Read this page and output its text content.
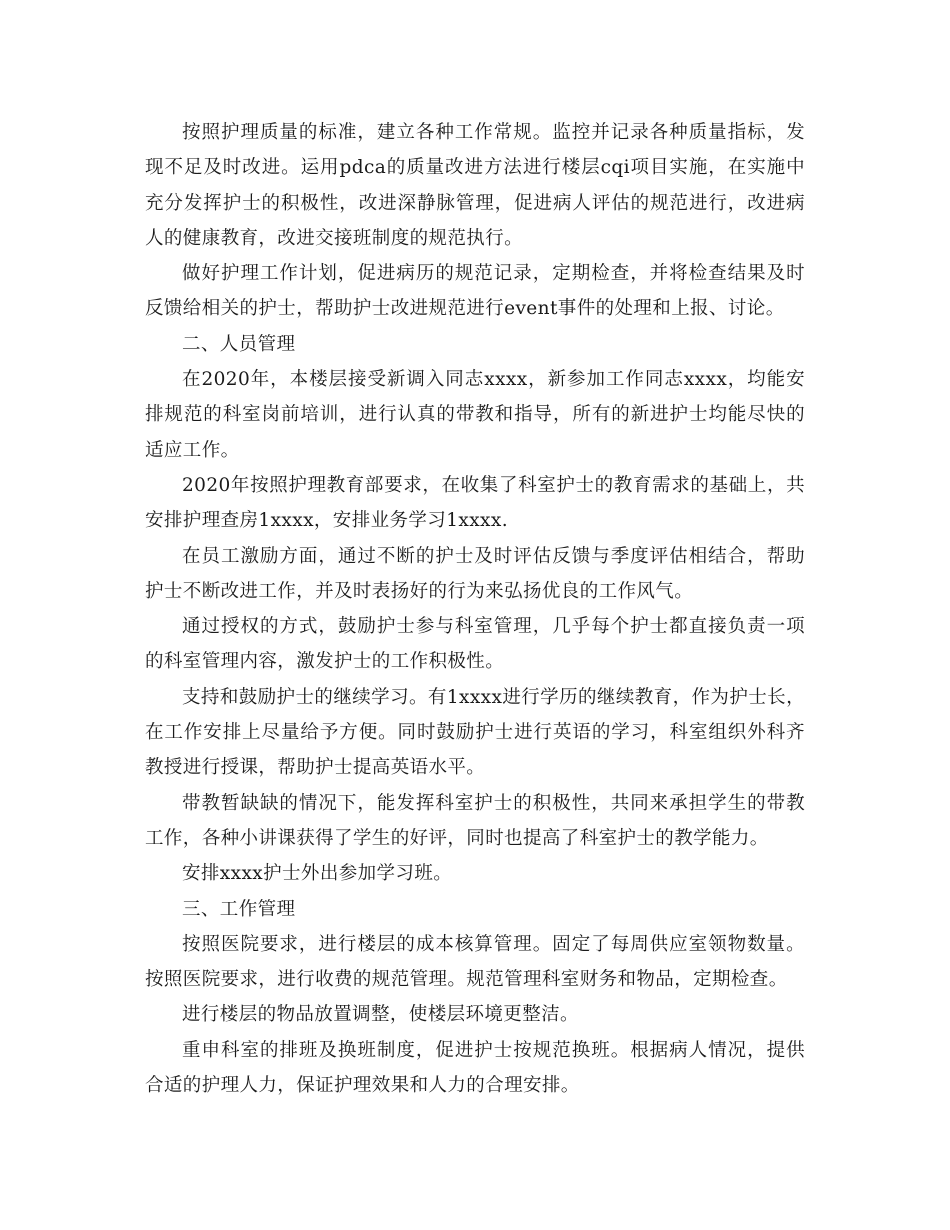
按照护理质量的标准，建立各种工作常规。监控并记录各种质量指标，发现不足及时改进。运用pdca的质量改进方法进行楼层cqi项目实施，在实施中充分发挥护士的积极性，改进深静脉管理，促进病人评估的规范进行，改进病人的健康教育，改进交接班制度的规范执行。

做好护理工作计划，促进病历的规范记录，定期检查，并将检查结果及时反馈给相关的护士，帮助护士改进规范进行event事件的处理和上报、讨论。

二、人员管理

在2020年，本楼层接受新调入同志xxxx，新参加工作同志xxxx，均能安排规范的科室岗前培训，进行认真的带教和指导，所有的新进护士均能尽快的适应工作。

2020年按照护理教育部要求，在收集了科室护士的教育需求的基础上，共安排护理查房1xxxx，安排业务学习1xxxx.

在员工激励方面，通过不断的护士及时评估反馈与季度评估相结合，帮助护士不断改进工作，并及时表扬好的行为来弘扬优良的工作风气。

通过授权的方式，鼓励护士参与科室管理，几乎每个护士都直接负责一项的科室管理内容，激发护士的工作积极性。

支持和鼓励护士的继续学习。有1xxxx进行学历的继续教育，作为护士长，在工作安排上尽量给予方便。同时鼓励护士进行英语的学习，科室组织外科齐教授进行授课，帮助护士提高英语水平。

带教暂缺缺的情况下，能发挥科室护士的积极性，共同来承担学生的带教工作，各种小讲课获得了学生的好评，同时也提高了科室护士的教学能力。

安排xxxx护士外出参加学习班。

三、工作管理

按照医院要求，进行楼层的成本核算管理。固定了每周供应室领物数量。按照医院要求，进行收费的规范管理。规范管理科室财务和物品，定期检查。

进行楼层的物品放置调整，使楼层环境更整洁。

重申科室的排班及换班制度，促进护士按规范换班。根据病人情况，提供合适的护理人力，保证护理效果和人力的合理安排。
